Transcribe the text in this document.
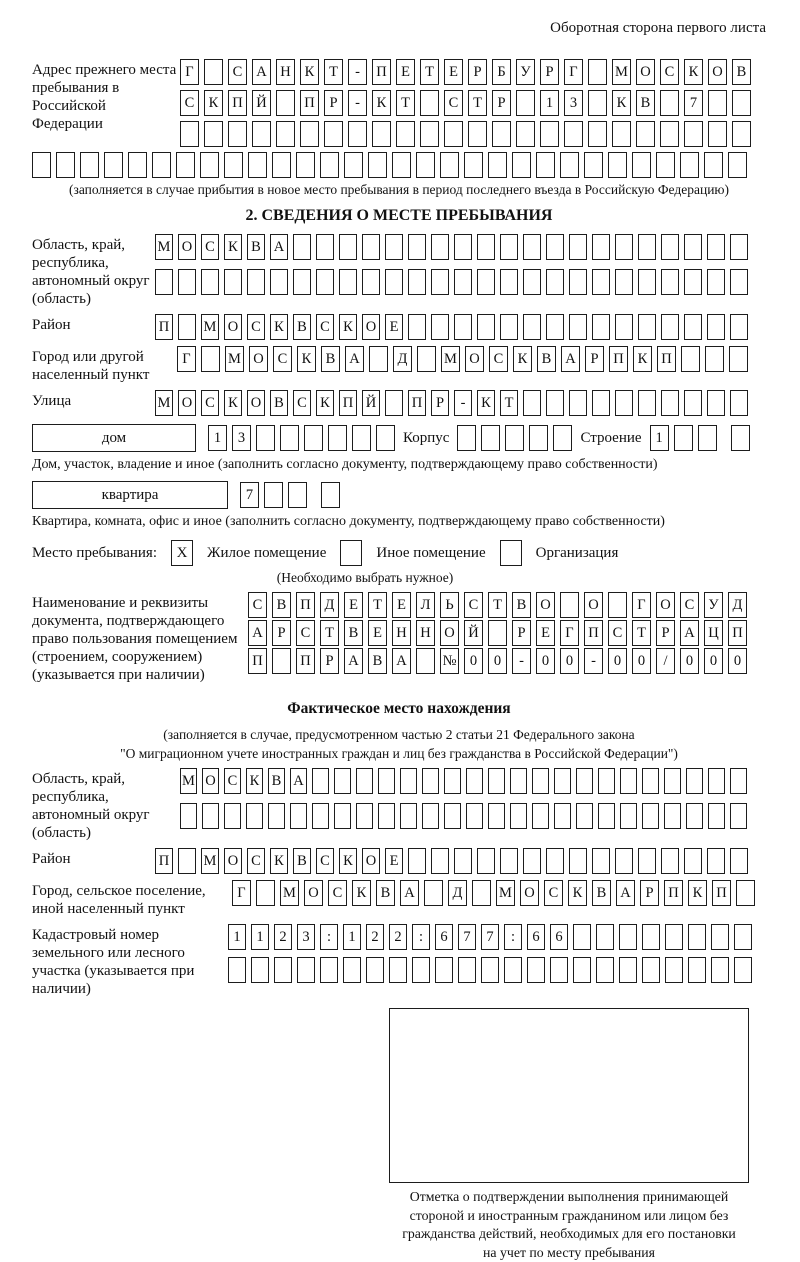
Оборотная сторона первого листа
Адрес прежнего места пребывания в Российской Федерации
Г	С А Н К	Т	-	П Е	Т	Е	Р	Б	У	Р	Г	М О С К О В
С К П Й	П	Р	-	К	Т	С	Т	Р	1	3	К В	7
(заполняется в случае прибытия в новое место пребывания в период последнего въезда в Российскую Федерацию)
2. СВЕДЕНИЯ О МЕСТЕ ПРЕБЫВАНИЯ
Область, край, республика, автономный округ (область)
М О С К В А
Район	П М О С К В С К О Е
Город или другой населенный пункт
Г	М О С К В А	Д	М О С К В А	Р	П К П
Улица	М О С К О В С К П Й П Р	-	К Т
дом	1	3	Корпус	Строение 1
Дом, участок, владение и иное (заполнить согласно документу, подтверждающему право собственности)
квартира	7
Квартира, комната, офис и иное (заполнить согласно документу, подтверждающему право собственности)
Место пребывания:	X	Жилое помещение	Иное помещение	Организация
(Необходимо выбрать нужное)
Наименование и реквизиты документа, подтверждающего право пользования помещением (строением, сооружением) (указывается при наличии)
С В П Д	Е	Т	Е	Л	Ь	С	Т	В О	О	Г	О С У Д
А	Р	С	Т	В	Е Н Н О Й	Р	Е	Г	П С	Т	Р	А Ц П
П	П	Р	А В А № 0	0	-	0	0	-	0	0	/	0	0	0
Фактическое место нахождения
(заполняется в случае, предусмотренном частью 2 статьи 21 Федерального закона
"О миграционном учете иностранных граждан и лиц без гражданства в Российской Федерации")
Область, край, республика, автономный округ (область)
М О С К В А
Район	П М О С К В С К О Е
Город, сельское поселение, иной населенный пункт
Г	М О С К В А	Д	М О С К В А	Р	П К П
Кадастровый номер земельного или лесного участка (указывается при наличии)
1	1	2	3	:	1	2	2	:	6	7	7	:	6	6
Отметка о подтверждении выполнения принимающей
стороной и иностранным гражданином или лицом без
гражданства действий, необходимых для его постановки
на учет по месту пребывания
